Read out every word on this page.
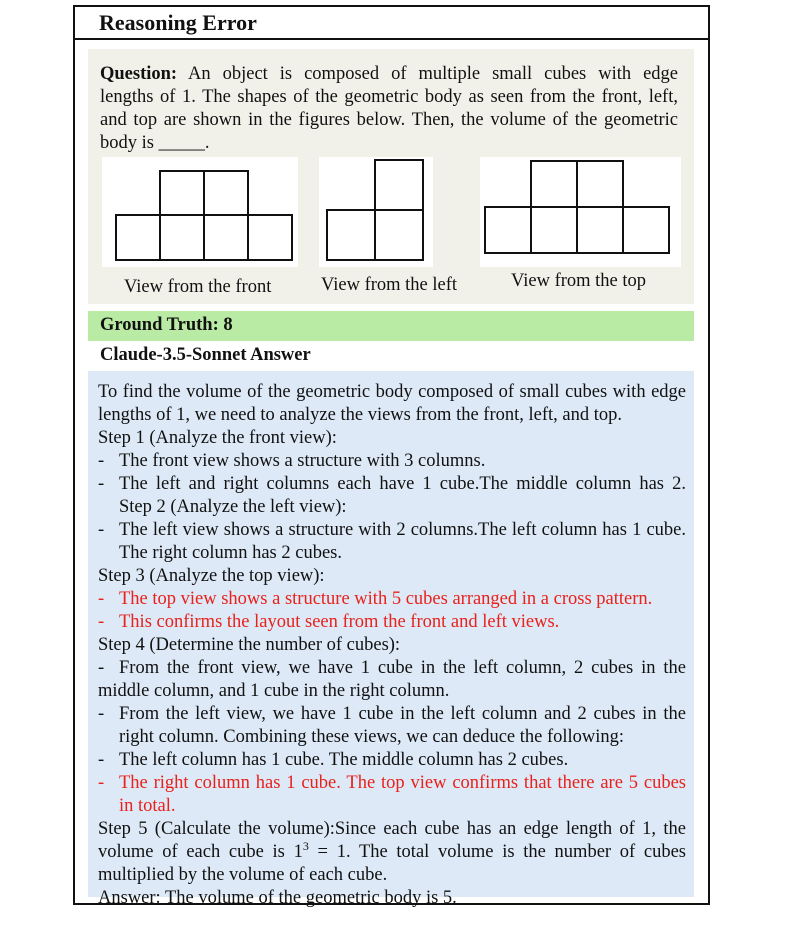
Reasoning Error
Question: An object is composed of multiple small cubes with edge
lengths of 1. The shapes of the geometric body as seen from the front, left,
and top are shown in the figures below. Then, the volume of the geometric
body is _____.
View from the front	View from the left	View from the top
Ground Truth: 8
Claude-3.5-Sonnet Answer
To find the volume of the geometric body composed of small cubes with edge
lengths of 1, we need to analyze the views from the front, left, and top.
Step 1 (Analyze the front view):
- The front view shows a structure with 3 columns.
- The left and right columns each have 1 cube.The middle column has 2.
Step 2 (Analyze the left view):
- The left view shows a structure with 2 columns.The left column has 1 cube.
The right column has 2 cubes.
Step 3 (Analyze the top view):
- The top view shows a structure with 5 cubes arranged in a cross pattern.
- This confirms the layout seen from the front and left views.
Step 4 (Determine the number of cubes):
- From the front view, we have 1 cube in the left column, 2 cubes in the
middle column, and 1 cube in the right column.
- From the left view, we have 1 cube in the left column and 2 cubes in the
right column. Combining these views, we can deduce the following:
- The left column has 1 cube. The middle column has 2 cubes.
- The right column has 1 cube. The top view confirms that there are 5 cubes
in total.
Step 5 (Calculate the volume):Since each cube has an edge length of 1, the
volume of each cube is $1^3 = 1$. The total volume is the number of cubes
multiplied by the volume of each cube.
Answer: The volume of the geometric body is 5.
